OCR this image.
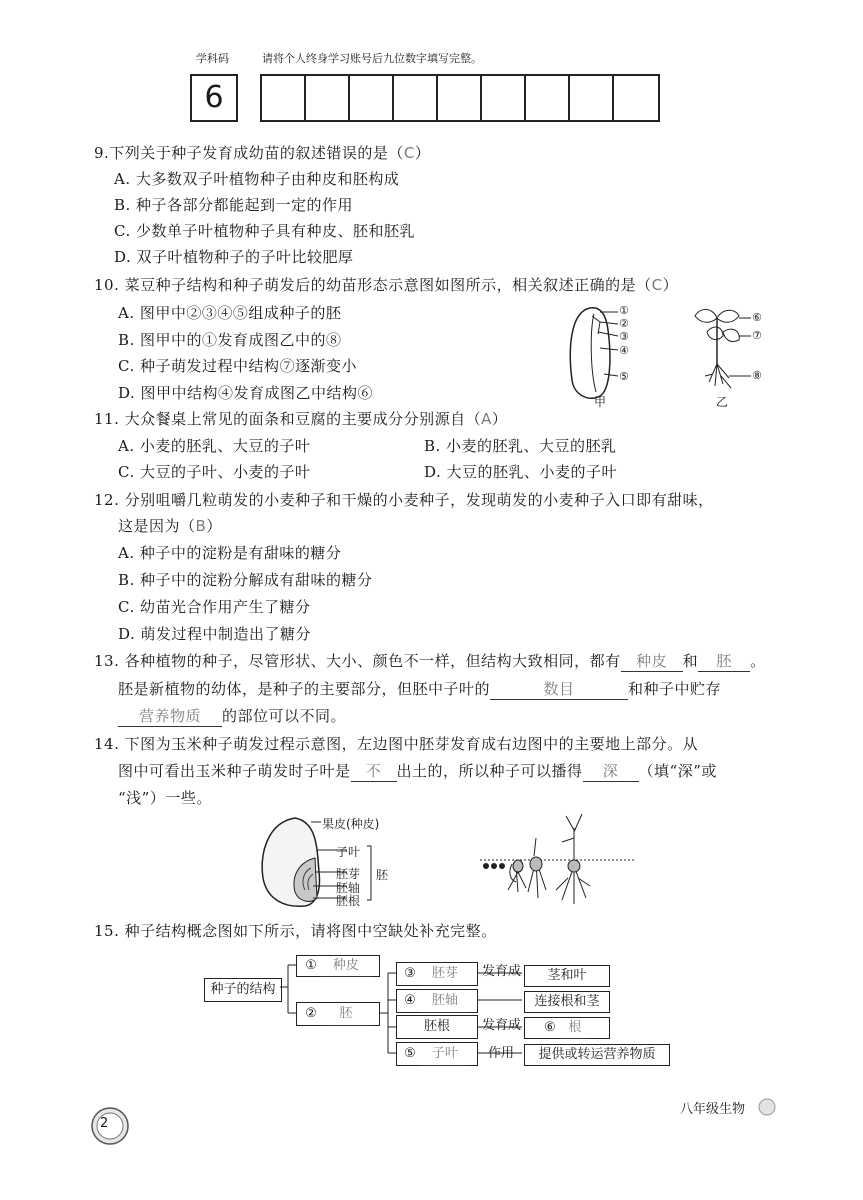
学科码	请将个人终身学习账号后九位数字填写完整。
6
9.下列关于种子发育成幼苗的叙述错误的是（C）
A. 大多数双子叶植物种子由种皮和胚构成
B. 种子各部分都能起到一定的作用
C. 少数单子叶植物种子具有种皮、胚和胚乳
D. 双子叶植物种子的子叶比较肥厚
10. 菜豆种子结构和种子萌发后的幼苗形态示意图如图所示，相关叙述正确的是（C）
A. 图甲中②③④⑤组成种子的胚
B. 图甲中的①发育成图乙中的⑧
C. 种子萌发过程中结构⑦逐渐变小
D. 图甲中结构④发育成图乙中结构⑥
①
②
③
④
⑤
甲
⑥
⑦
⑧
乙
11. 大众餐桌上常见的面条和豆腐的主要成分分别源自（A）
A. 小麦的胚乳、大豆的子叶	B. 小麦的胚乳、大豆的胚乳
C. 大豆的子叶、小麦的子叶	D. 大豆的胚乳、小麦的子叶
12. 分别咀嚼几粒萌发的小麦种子和干燥的小麦种子，发现萌发的小麦种子入口即有甜味，
这是因为（B）
A. 种子中的淀粉是有甜味的糖分
B. 种子中的淀粉分解成有甜味的糖分
C. 幼苗光合作用产生了糖分
D. 萌发过程中制造出了糖分
13. 各种植物的种子，尽管形状、大小、颜色不一样，但结构大致相同，都有 种皮 和 胚 。
胚是新植物的幼体，是种子的主要部分，但胚中子叶的	数目	和种子中贮存
营养物质 的部位可以不同。
14. 下图为玉米种子萌发过程示意图，左边图中胚芽发育成右边图中的主要地上部分。从
图中可看出玉米种子萌发时子叶是 不 出土的，所以种子可以播得 深 （填“深”或
“浅”）一些。
果皮(种皮)
子叶
胚芽
胚轴
胚根
胚
15. 种子结构概念图如下所示，请将图中空缺处补充完整。
种子的结构
① 种皮
② 胚
③ 胚芽
④ 胚轴
胚根
⑤ 子叶
发育成
发育成
作用
茎和叶
连接根和茎
⑥ 根
提供或转运营养物质
2
八年级生物
